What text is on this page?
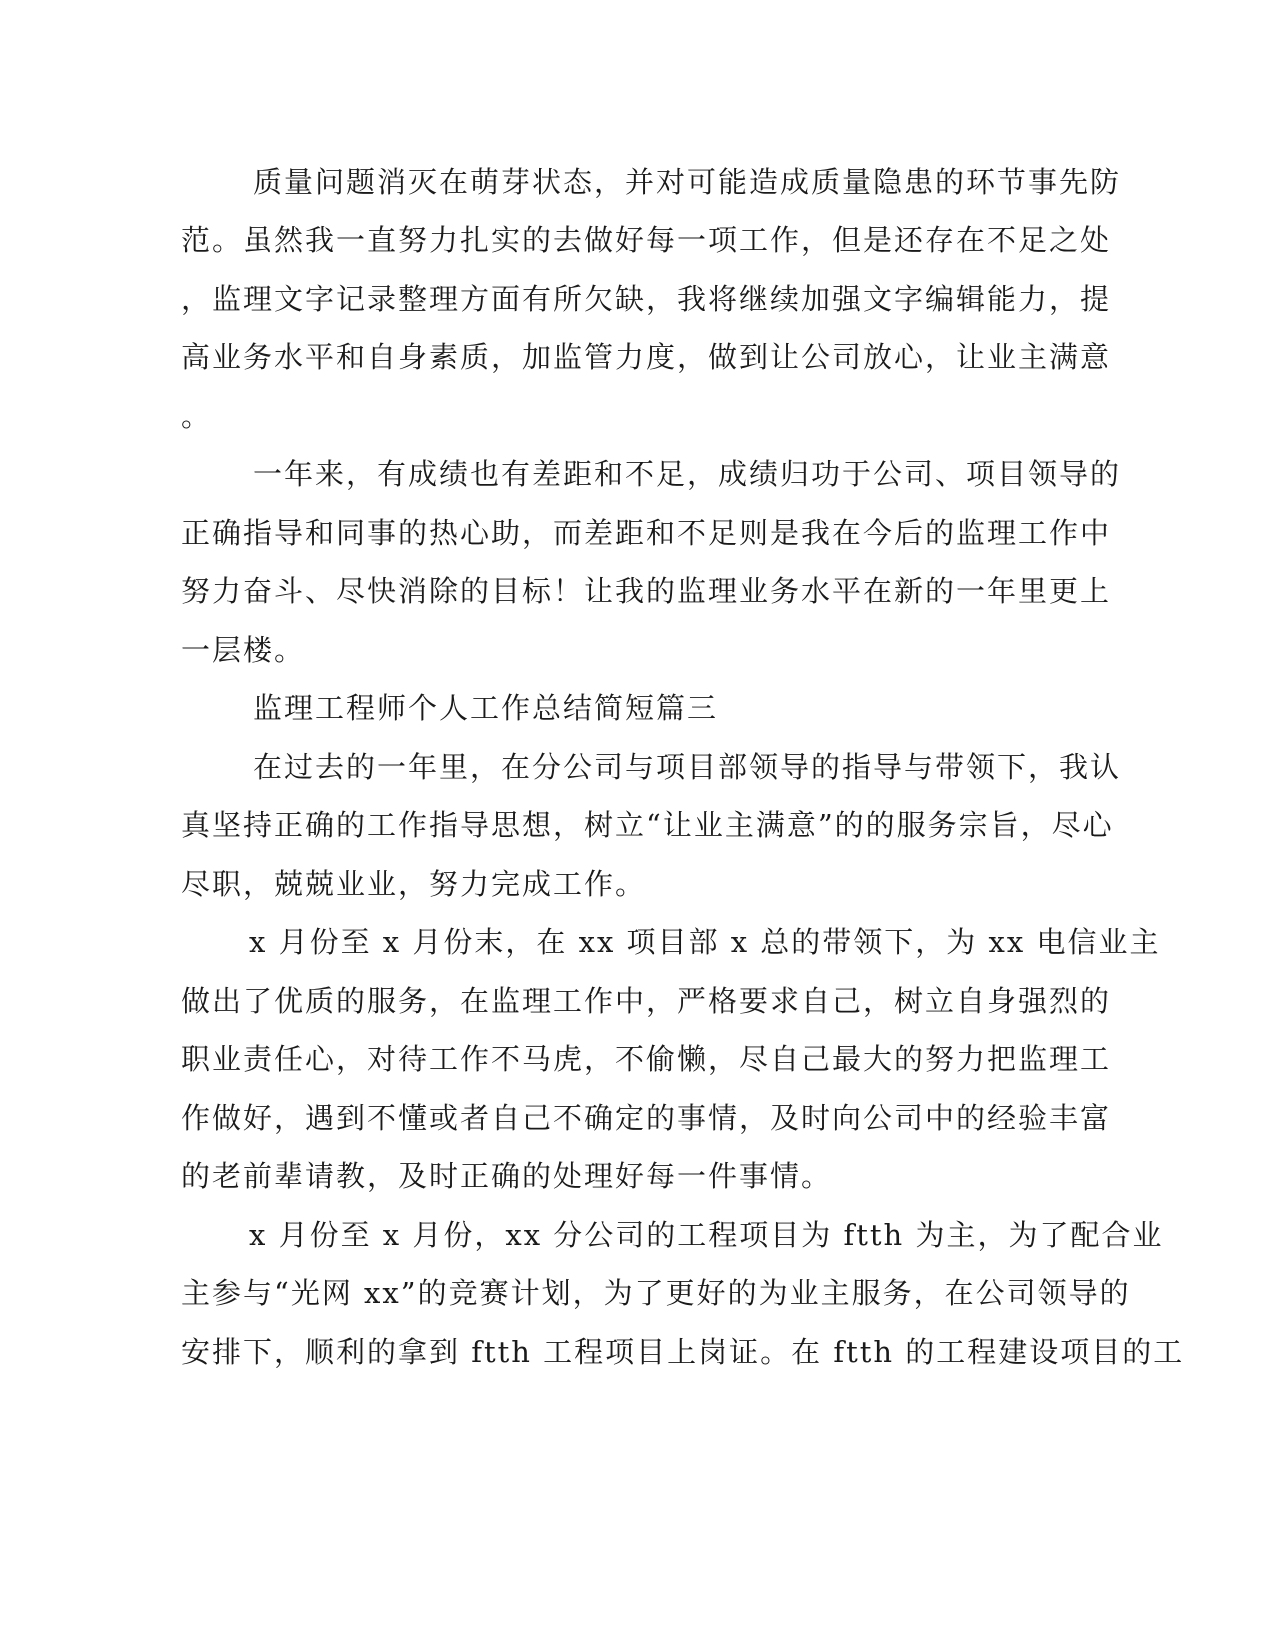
质量问题消灭在萌芽状态，并对可能造成质量隐患的环节事先防
范。虽然我一直努力扎实的去做好每一项工作，但是还存在不足之处
，监理文字记录整理方面有所欠缺，我将继续加强文字编辑能力，提
高业务水平和自身素质，加监管力度，做到让公司放心，让业主满意
。
一年来，有成绩也有差距和不足，成绩归功于公司、项目领导的
正确指导和同事的热心助，而差距和不足则是我在今后的监理工作中
努力奋斗、尽快消除的目标！让我的监理业务水平在新的一年里更上
一层楼。
监理工程师个人工作总结简短篇三
在过去的一年里，在分公司与项目部领导的指导与带领下，我认
真坚持正确的工作指导思想，树立“让业主满意”的的服务宗旨，尽心
尽职，兢兢业业，努力完成工作。
x 月份至 x 月份末，在 xx 项目部 x 总的带领下，为 xx 电信业主
做出了优质的服务，在监理工作中，严格要求自己，树立自身强烈的
职业责任心，对待工作不马虎，不偷懒，尽自己最大的努力把监理工
作做好，遇到不懂或者自己不确定的事情，及时向公司中的经验丰富
的老前辈请教，及时正确的处理好每一件事情。
x 月份至 x 月份，xx 分公司的工程项目为 ftth 为主，为了配合业
主参与“光网 xx”的竞赛计划，为了更好的为业主服务，在公司领导的
安排下，顺利的拿到 ftth 工程项目上岗证。在 ftth 的工程建设项目的工
